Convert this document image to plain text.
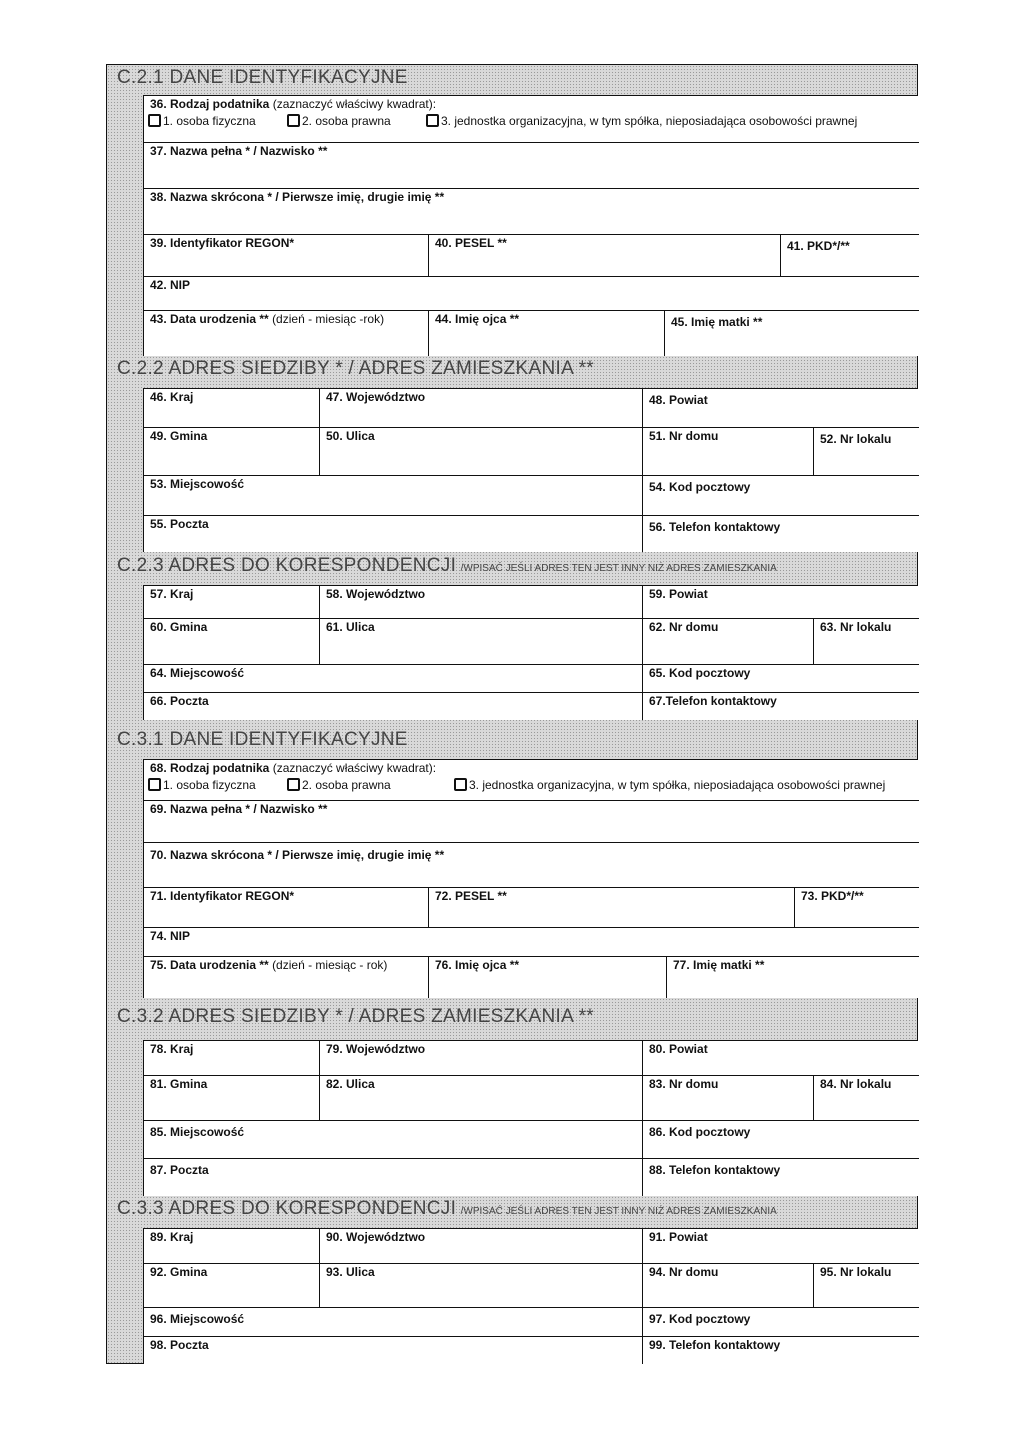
C.2.1 DANE IDENTYFIKACYJNE
36. Rodzaj podatnika (zaznaczyć właściwy kwadrat):
1. osoba fizyczna	2. osoba prawna	3. jednostka organizacyjna, w tym spółka, nieposiadająca osobowości prawnej
37. Nazwa pełna * / Nazwisko **
38. Nazwa skrócona * / Pierwsze imię, drugie imię **
39. Identyfikator REGON*	40. PESEL **	41. PKD*/**
42. NIP
43. Data urodzenia ** (dzień - miesiąc -rok)	44. Imię ojca **	45. Imię matki **
C.2.2 ADRES SIEDZIBY * / ADRES ZAMIESZKANIA **
46. Kraj	47. Województwo	48. Powiat
49. Gmina	50. Ulica	51. Nr domu	52. Nr lokalu
53. Miejscowość	54. Kod pocztowy
55. Poczta	56. Telefon kontaktowy
C.2.3 ADRES DO KORESPONDENCJI /WPISAĆ JEŚLI ADRES TEN JEST INNY NIŻ ADRES ZAMIESZKANIA
57. Kraj	58. Województwo	59. Powiat
60. Gmina	61. Ulica	62. Nr domu	63. Nr lokalu
64. Miejscowość	65. Kod pocztowy
66. Poczta	67.Telefon kontaktowy
C.3.1 DANE IDENTYFIKACYJNE
68. Rodzaj podatnika (zaznaczyć właściwy kwadrat):
1. osoba fizyczna	2. osoba prawna	3. jednostka organizacyjna, w tym spółka, nieposiadająca osobowości prawnej
69. Nazwa pełna * / Nazwisko **
70. Nazwa skrócona * / Pierwsze imię, drugie imię **
71. Identyfikator REGON*	72. PESEL **	73. PKD*/**
74. NIP
75. Data urodzenia ** (dzień - miesiąc - rok)	76. Imię ojca **	77. Imię matki **
C.3.2 ADRES SIEDZIBY * / ADRES ZAMIESZKANIA **
78. Kraj	79. Województwo	80. Powiat
81. Gmina	82. Ulica	83. Nr domu	84. Nr lokalu
85. Miejscowość	86. Kod pocztowy
87. Poczta	88. Telefon kontaktowy
C.3.3 ADRES DO KORESPONDENCJI /WPISAĆ JEŚLI ADRES TEN JEST INNY NIŻ ADRES ZAMIESZKANIA
89. Kraj	90. Województwo	91. Powiat
92. Gmina	93. Ulica	94. Nr domu	95. Nr lokalu
96. Miejscowość	97. Kod pocztowy
98. Poczta	99. Telefon kontaktowy
